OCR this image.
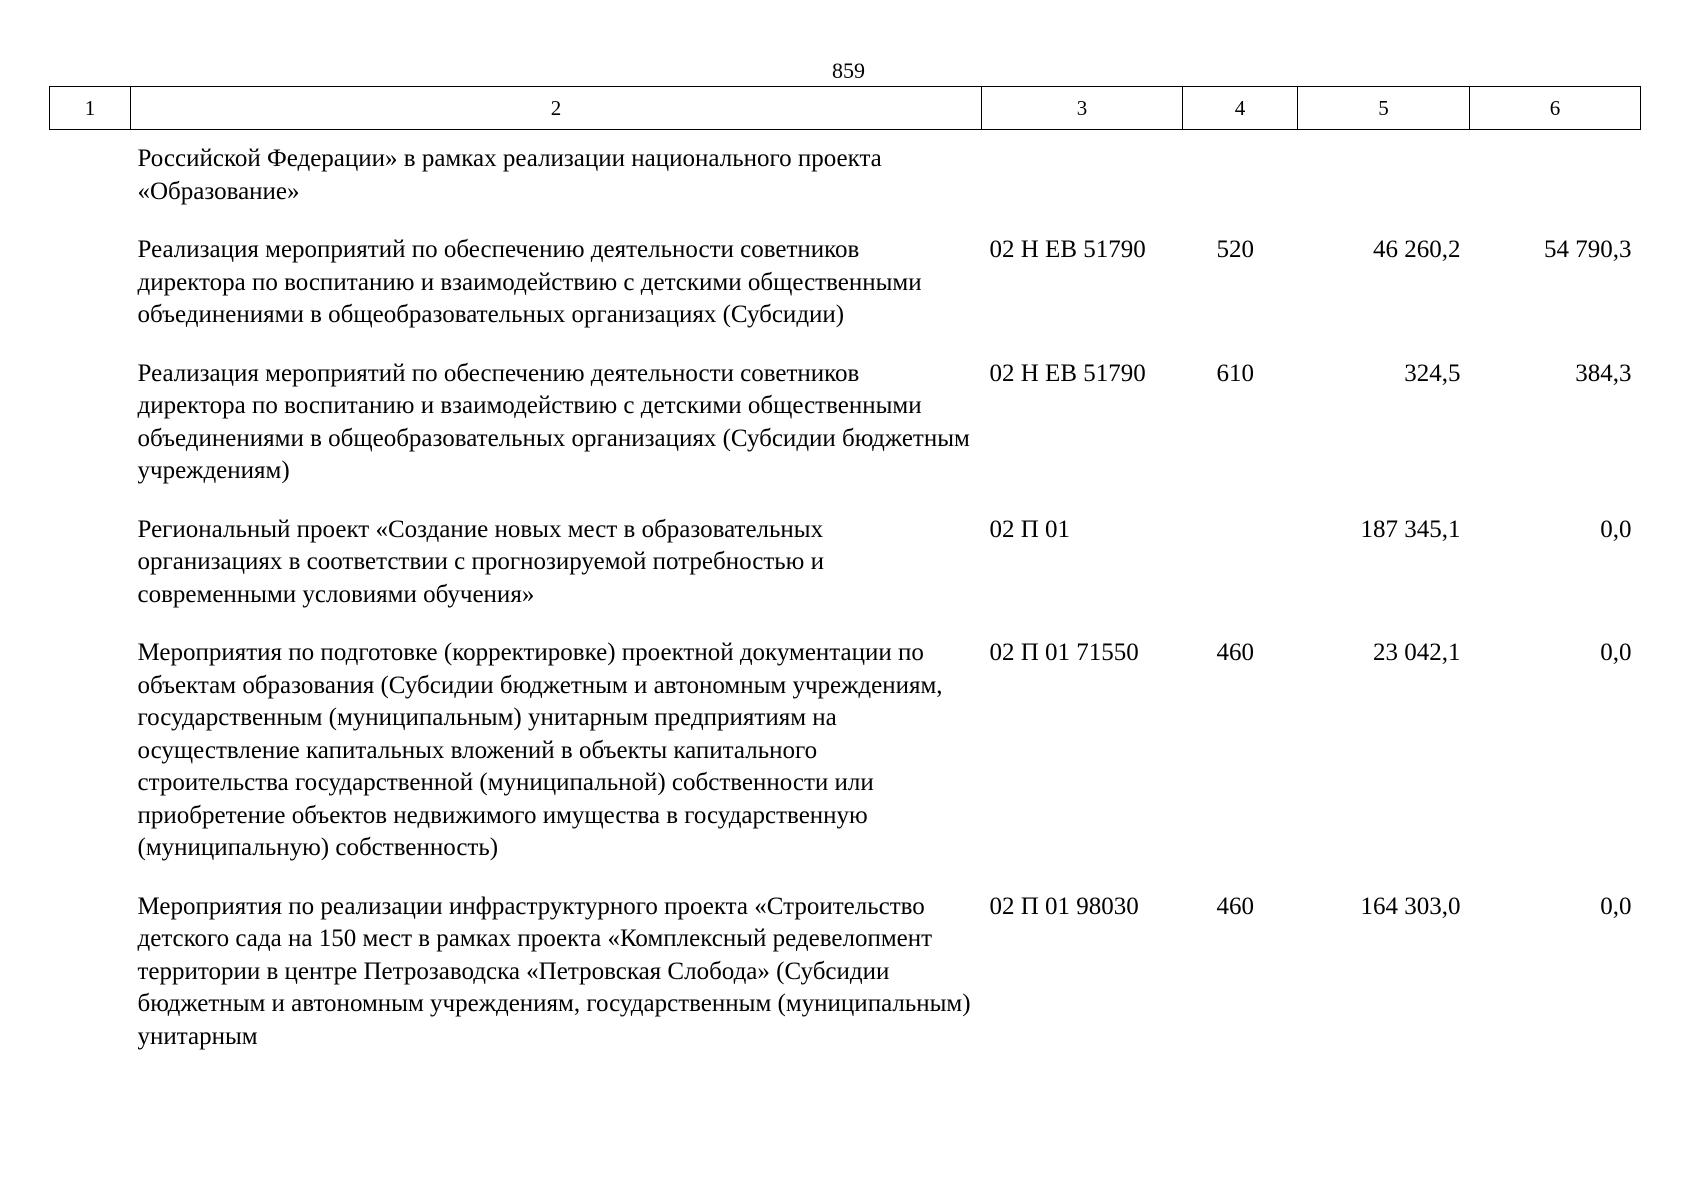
859
1	2	3	4	5	6
Российской Федерации» в рамках реализации национального проекта «Образование»					
Реализация мероприятий по обеспечению деятельности советников директора по воспитанию и взаимодействию с детскими общественными объединениями в общеобразовательных организациях (Субсидии)		02 Н ЕВ 51790	520	46 260,2	54 790,3
Реализация мероприятий по обеспечению деятельности советников директора по воспитанию и взаимодействию с детскими общественными объединениями в общеобразовательных организациях (Субсидии бюджетным учреждениям)		02 Н ЕВ 51790	610	324,5	384,3
Региональный проект «Создание новых мест в образовательных организациях в соответствии с прогнозируемой потребностью и современными условиями обучения»		02 П 01		187 345,1	0,0
Мероприятия по подготовке (корректировке) проектной документации по объектам образования (Субсидии бюджетным и автономным учреждениям, государственным (муниципальным) унитарным предприятиям на осуществление капитальных вложений в объекты капитального строительства государственной (муниципальной) собственности или приобретение объектов недвижимого имущества в государственную (муниципальную) собственность)		02 П 01 71550	460	23 042,1	0,0
Мероприятия по реализации инфраструктурного проекта «Строительство детского сада на 150 мест в рамках проекта «Комплексный редевелопмент территории в центре Петрозаводска «Петровская Слобода» (Субсидии бюджетным и автономным учреждениям, государственным (муниципальным) унитарным		02 П 01 98030	460	164 303,0	0,0
